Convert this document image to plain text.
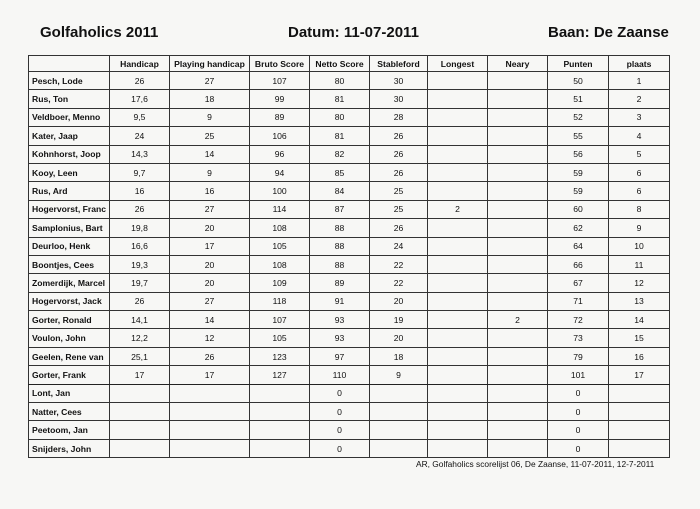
Golfaholics 2011	Datum: 11-07-2011	Baan: De Zaanse
	Handicap	Playing handicap	Bruto Score	Netto Score	Stableford	Longest	Neary	Punten	plaats
Pesch, Lode	26	27	107	80	30			50	1
Rus, Ton	17,6	18	99	81	30			51	2
Veldboer, Menno	9,5	9	89	80	28			52	3
Kater, Jaap	24	25	106	81	26			55	4
Kohnhorst, Joop	14,3	14	96	82	26			56	5
Kooy, Leen	9,7	9	94	85	26			59	6
Rus, Ard	16	16	100	84	25			59	6
Hogervorst, Franc	26	27	114	87	25	2		60	8
Samplonius, Bart	19,8	20	108	88	26			62	9
Deurloo, Henk	16,6	17	105	88	24			64	10
Boontjes, Cees	19,3	20	108	88	22			66	11
Zomerdijk, Marcel	19,7	20	109	89	22			67	12
Hogervorst, Jack	26	27	118	91	20			71	13
Gorter, Ronald	14,1	14	107	93	19		2	72	14
Voulon, John	12,2	12	105	93	20			73	15
Geelen, Rene van	25,1	26	123	97	18			79	16
Gorter, Frank	17	17	127	110	9			101	17
Lont, Jan				0				0	
Natter, Cees				0				0	
Peetoom, Jan				0				0	
Snijders, John				0				0	
AR, Golfaholics scorelijst 06, De Zaanse, 11-07-2011, 12-7-2011
